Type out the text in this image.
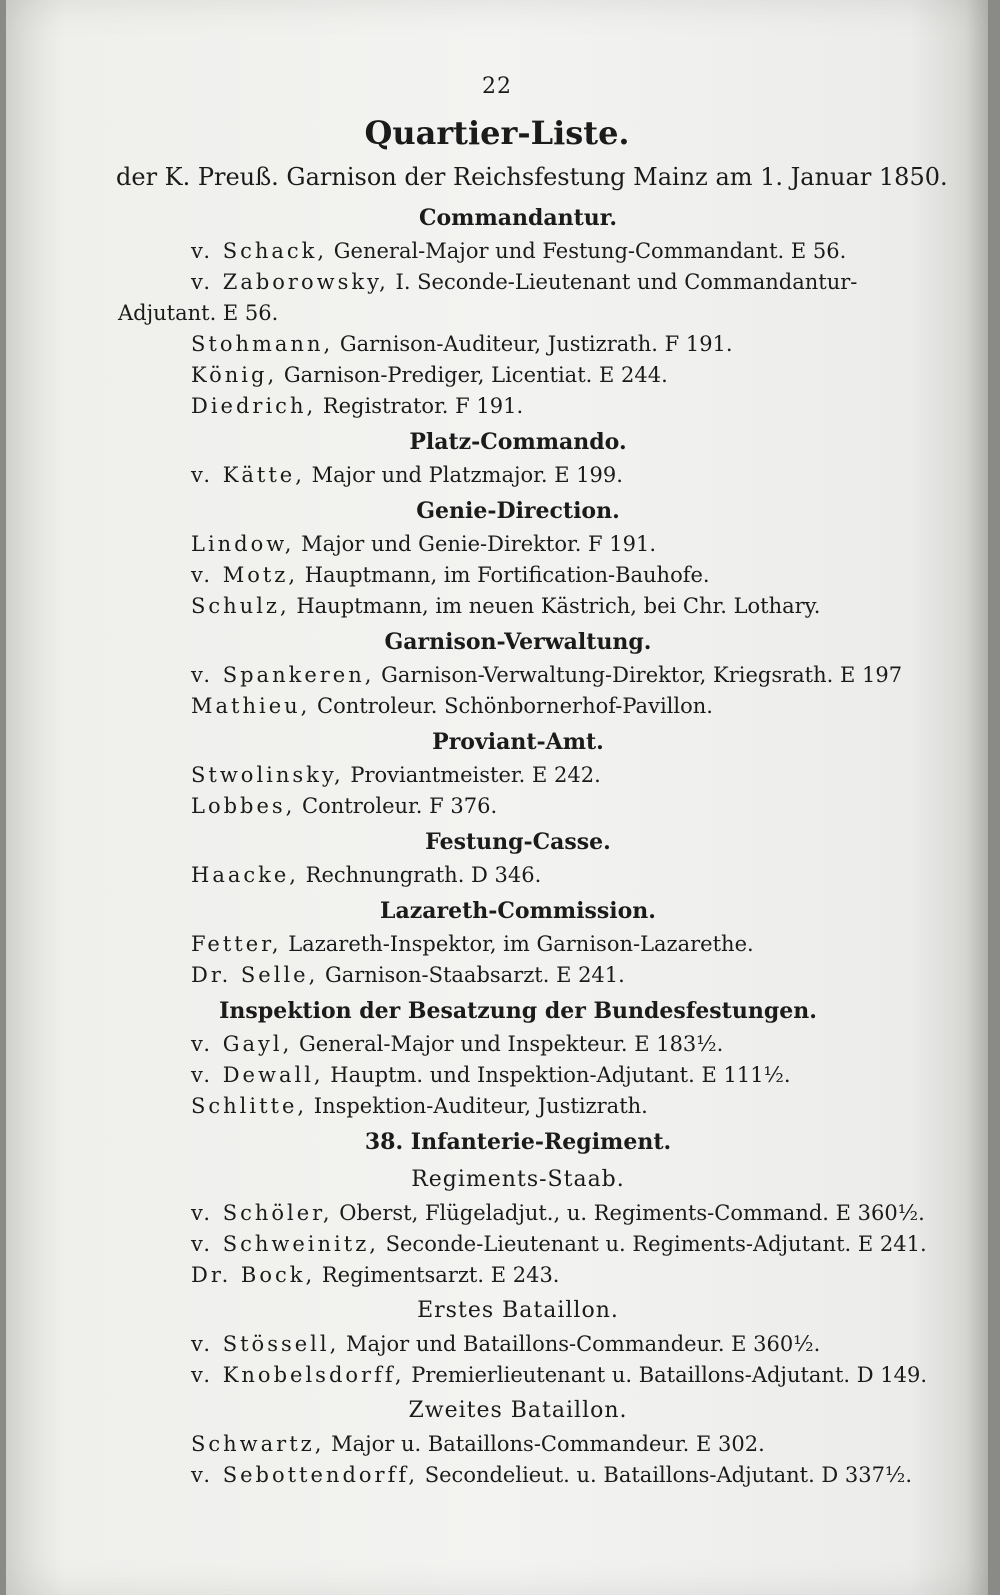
22
Quartier-Liste.
der K. Preuß. Garnison der Reichsfestung Mainz am 1. Januar 1850.
Commandantur.
v. Schack, General-Major und Festung-Commandant. E 56.
v. Zaborowsky, I. Seconde-Lieutenant und Commandantur-Adjutant. E 56.
Stohmann, Garnison-Auditeur, Justizrath. F 191.
König, Garnison-Prediger, Licentiat. E 244.
Diedrich, Registrator. F 191.
Platz-Commando.
v. Kätte, Major und Platzmajor. E 199.
Genie-Direction.
Lindow, Major und Genie-Direktor. F 191.
v. Motz, Hauptmann, im Fortification-Bauhofe.
Schulz, Hauptmann, im neuen Kästrich, bei Chr. Lothary.
Garnison-Verwaltung.
v. Spankeren, Garnison-Verwaltung-Direktor, Kriegsrath. E 197
Mathieu, Controleur. Schönbornerhof-Pavillon.
Proviant-Amt.
Stwolinsky, Proviantmeister. E 242.
Lobbes, Controleur. F 376.
Festung-Casse.
Haacke, Rechnungrath. D 346.
Lazareth-Commission.
Fetter, Lazareth-Inspektor, im Garnison-Lazarethe.
Dr. Selle, Garnison-Staabsarzt. E 241.
Inspektion der Besatzung der Bundesfestungen.
v. Gayl, General-Major und Inspekteur. E 183½.
v. Dewall, Hauptm. und Inspektion-Adjutant. E 111½.
Schlitte, Inspektion-Auditeur, Justizrath.
38. Infanterie-Regiment.
Regiments-Staab.
v. Schöler, Oberst, Flügeladjut., u. Regiments-Command. E 360½.
v. Schweinitz, Seconde-Lieutenant u. Regiments-Adjutant. E 241.
Dr. Bock, Regimentsarzt. E 243.
Erstes Bataillon.
v. Stössell, Major und Bataillons-Commandeur. E 360½.
v. Knobelsdorff, Premierlieutenant u. Bataillons-Adjutant. D 149.
Zweites Bataillon.
Schwartz, Major u. Bataillons-Commandeur. E 302.
v. Sebottendorff, Secondelieut. u. Bataillons-Adjutant. D 337½.
